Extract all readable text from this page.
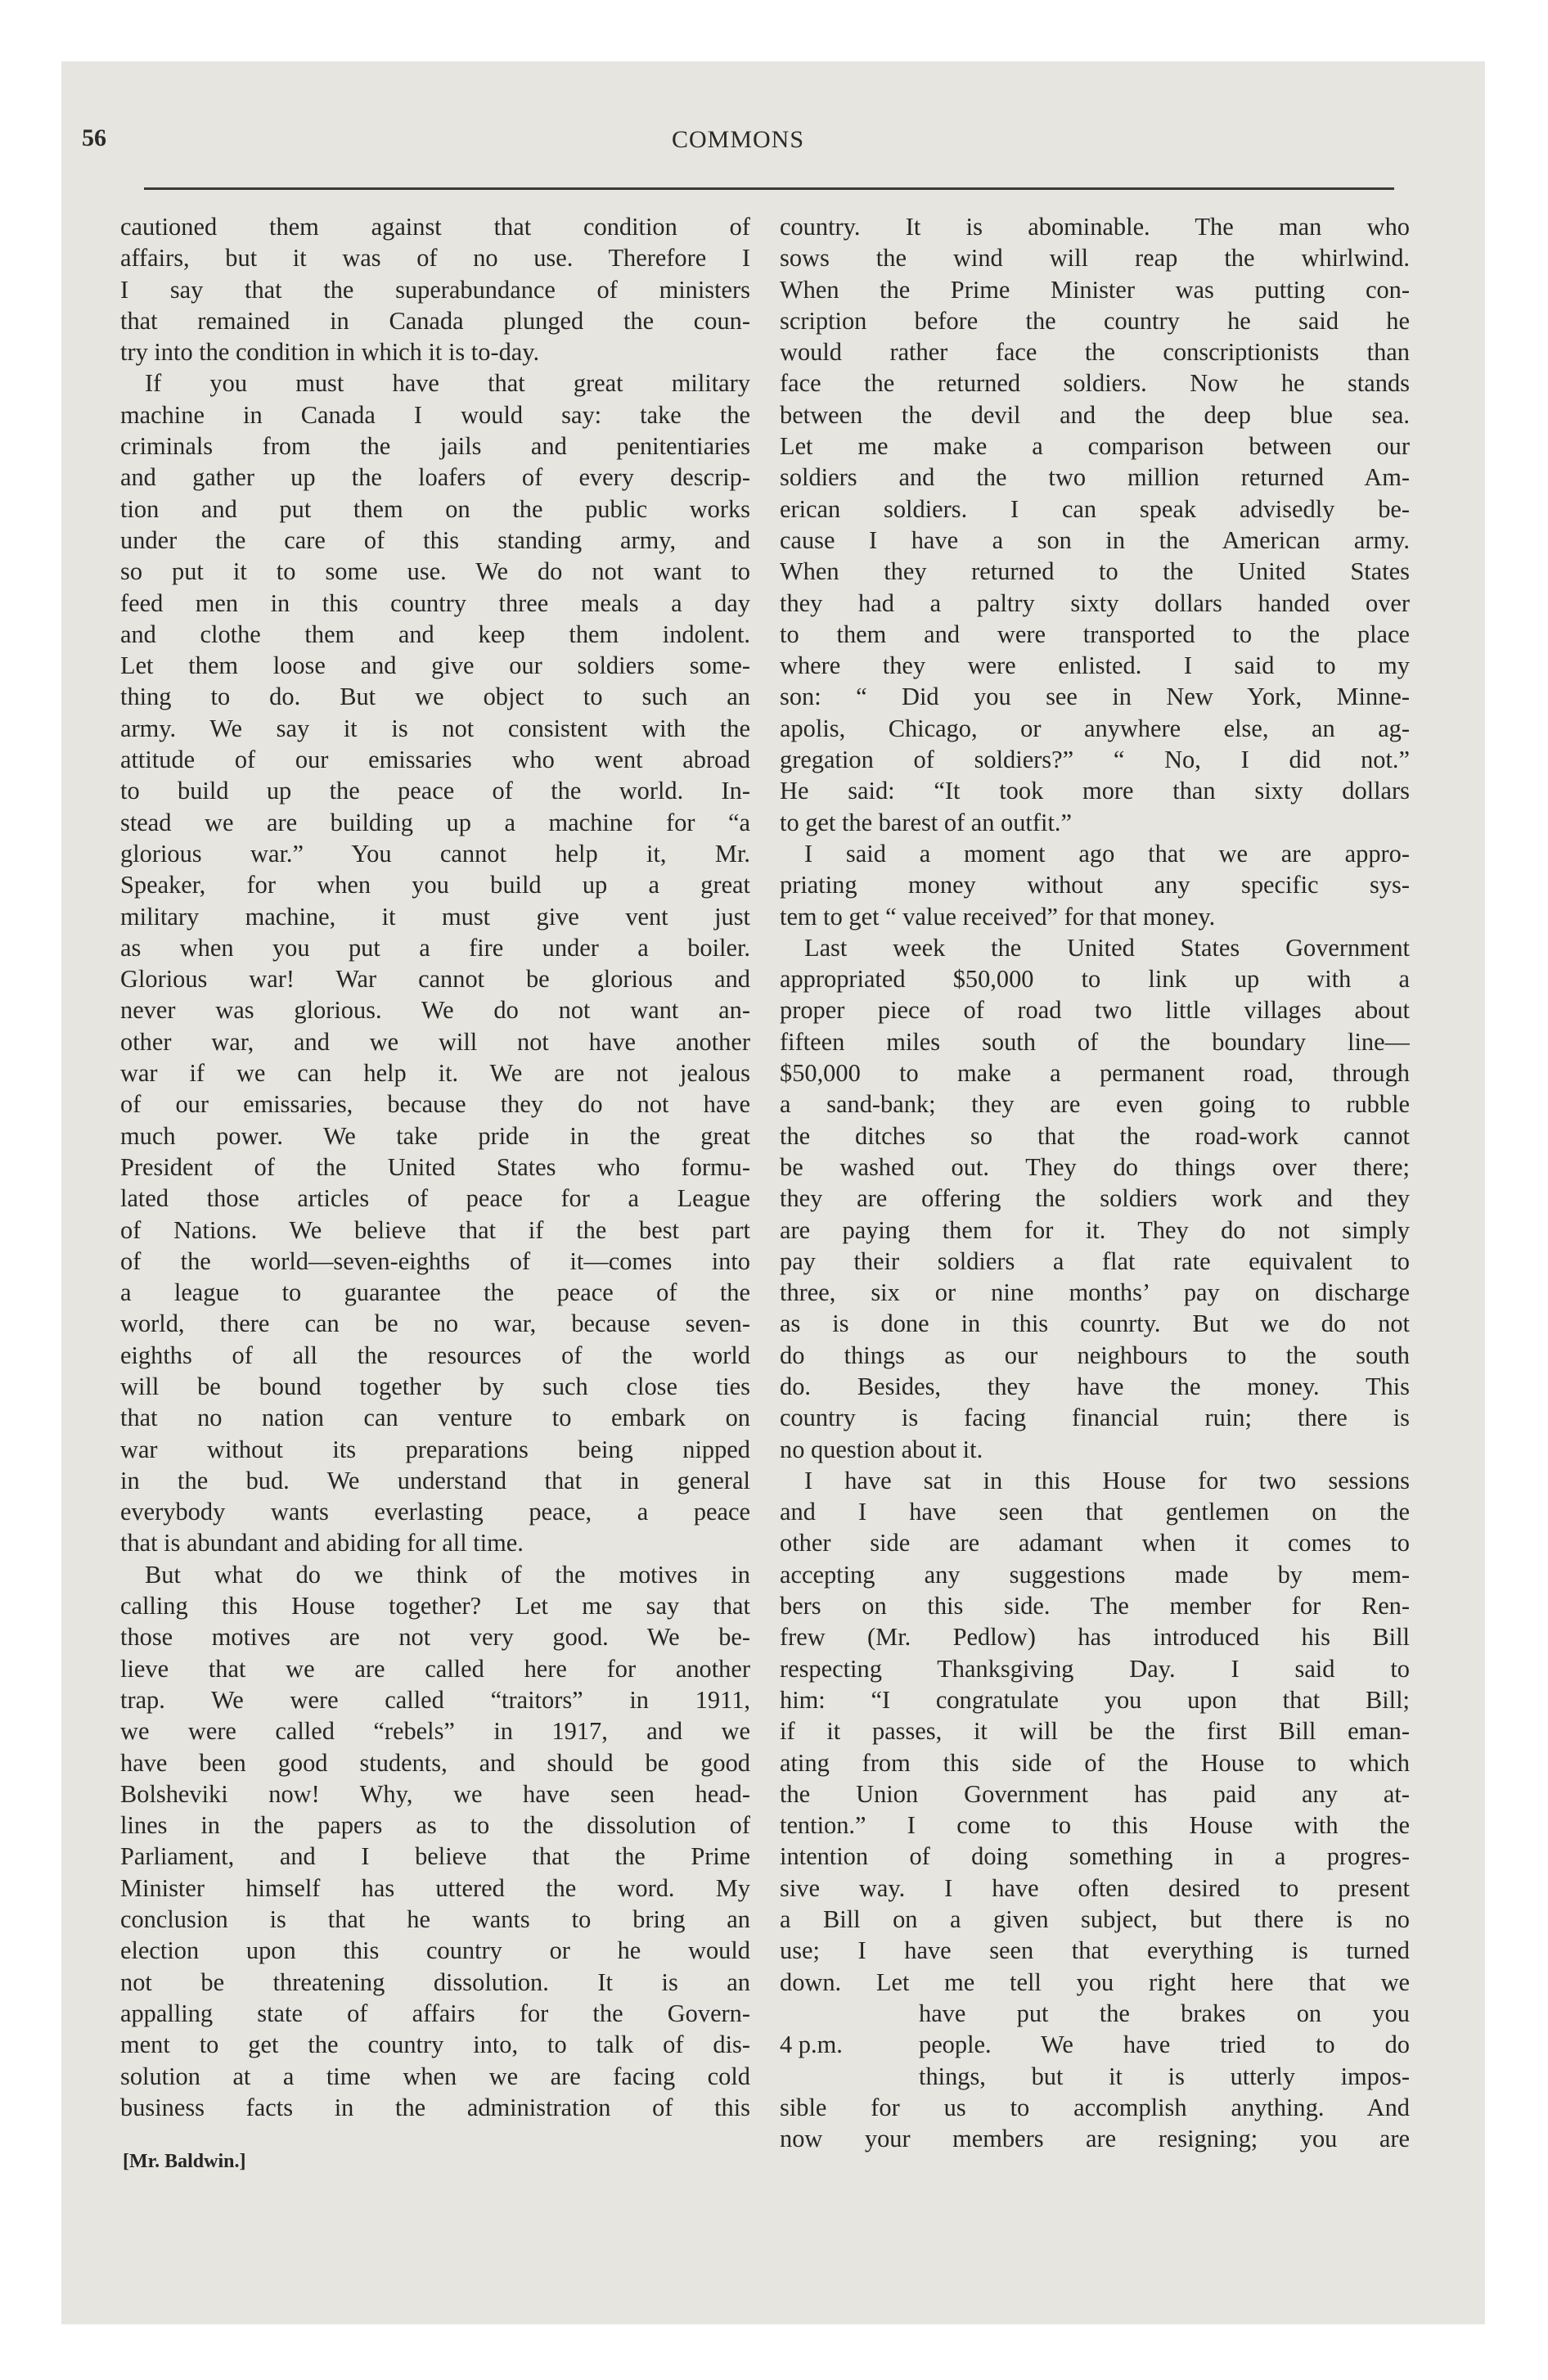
56	COMMONS
cautioned them against that condition of
affairs, but it was of no use. Therefore I
I say that the superabundance of ministers
that remained in Canada plunged the coun-
try into the condition in which it is to-day.
If you must have that great military
machine in Canada I would say: take the
criminals from the jails and penitentiaries
and gather up the loafers of every descrip-
tion and put them on the public works
under the care of this standing army, and
so put it to some use. We do not want to
feed men in this country three meals a day
and clothe them and keep them indolent.
Let them loose and give our soldiers some-
thing to do. But we object to such an
army. We say it is not consistent with the
attitude of our emissaries who went abroad
to build up the peace of the world. In-
stead we are building up a machine for “a
glorious war.” You cannot help it, Mr.
Speaker, for when you build up a great
military machine, it must give vent just
as when you put a fire under a boiler.
Glorious war! War cannot be glorious and
never was glorious. We do not want an-
other war, and we will not have another
war if we can help it. We are not jealous
of our emissaries, because they do not have
much power. We take pride in the great
President of the United States who formu-
lated those articles of peace for a League
of Nations. We believe that if the best part
of the world—seven-eighths of it—comes into
a league to guarantee the peace of the
world, there can be no war, because seven-
eighths of all the resources of the world
will be bound together by such close ties
that no nation can venture to embark on
war without its preparations being nipped
in the bud. We understand that in general
everybody wants everlasting peace, a peace
that is abundant and abiding for all time.
But what do we think of the motives in
calling this House together? Let me say that
those motives are not very good. We be-
lieve that we are called here for another
trap. We were called “traitors” in 1911,
we were called “rebels” in 1917, and we
have been good students, and should be good
Bolsheviki now! Why, we have seen head-
lines in the papers as to the dissolution of
Parliament, and I believe that the Prime
Minister himself has uttered the word. My
conclusion is that he wants to bring an
election upon this country or he would
not be threatening dissolution. It is an
appalling state of affairs for the Govern-
ment to get the country into, to talk of dis-
solution at a time when we are facing cold
business facts in the administration of this
country. It is abominable. The man who
sows the wind will reap the whirlwind.
When the Prime Minister was putting con-
scription before the country he said he
would rather face the conscriptionists than
face the returned soldiers. Now he stands
between the devil and the deep blue sea.
Let me make a comparison between our
soldiers and the two million returned Am-
erican soldiers. I can speak advisedly be-
cause I have a son in the American army.
When they returned to the United States
they had a paltry sixty dollars handed over
to them and were transported to the place
where they were enlisted. I said to my
son: “ Did you see in New York, Minne-
apolis, Chicago, or anywhere else, an ag-
gregation of soldiers?” “ No, I did not.”
He said: “It took more than sixty dollars
to get the barest of an outfit.”
I said a moment ago that we are appro-
priating money without any specific sys-
tem to get “ value received” for that money.
Last week the United States Government
appropriated $50,000 to link up with a
proper piece of road two little villages about
fifteen miles south of the boundary line—
$50,000 to make a permanent road, through
a sand-bank; they are even going to rubble
the ditches so that the road-work cannot
be washed out. They do things over there;
they are offering the soldiers work and they
are paying them for it. They do not simply
pay their soldiers a flat rate equivalent to
three, six or nine months’ pay on discharge
as is done in this counrty. But we do not
do things as our neighbours to the south
do. Besides, they have the money. This
country is facing financial ruin; there is
no question about it.
I have sat in this House for two sessions
and I have seen that gentlemen on the
other side are adamant when it comes to
accepting any suggestions made by mem-
bers on this side. The member for Ren-
frew (Mr. Pedlow) has introduced his Bill
respecting Thanksgiving Day. I said to
him: “I congratulate you upon that Bill;
if it passes, it will be the first Bill eman-
ating from this side of the House to which
the Union Government has paid any at-
tention.” I come to this House with the
intention of doing something in a progres-
sive way. I have often desired to present
a Bill on a given subject, but there is no
use; I have seen that everything is turned
down. Let me tell you right here that we
have put the brakes on you
4 p.m.	people. We have tried to do
things, but it is utterly impos-
sible for us to accomplish anything. And
now your members are resigning; you are
[Mr. Baldwin.]
